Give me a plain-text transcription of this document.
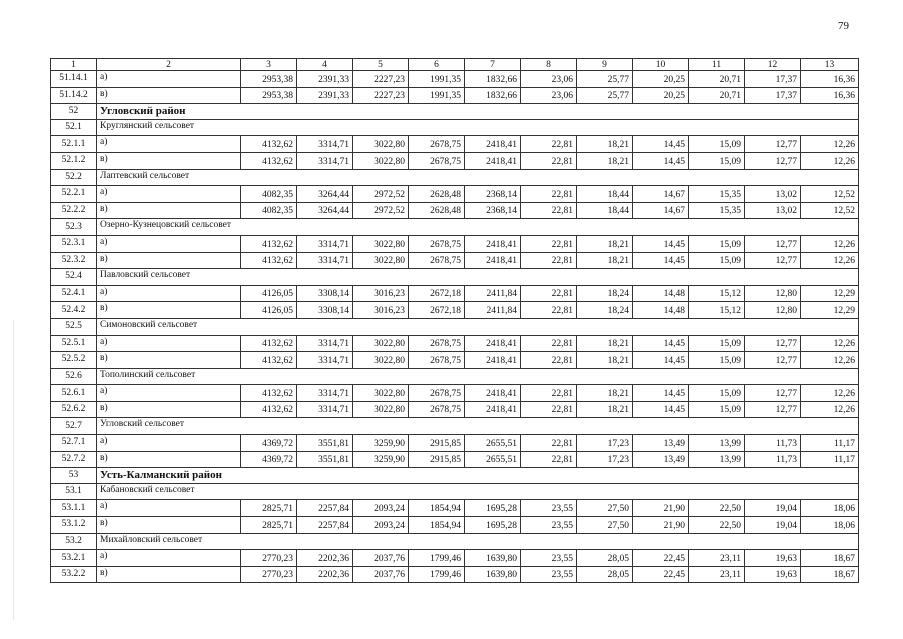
79
1	2	3	4	5	6	7	8	9	10	11	12	13
51.14.1	а)	2953,38	2391,33	2227,23	1991,35	1832,66	23,06	25,77	20,25	20,71	17,37	16,36
51.14.2	в)	2953,38	2391,33	2227,23	1991,35	1832,66	23,06	25,77	20,25	20,71	17,37	16,36
52	Угловский район											
52.1	Круглянский сельсовет											
52.1.1	а)	4132,62	3314,71	3022,80	2678,75	2418,41	22,81	18,21	14,45	15,09	12,77	12,26
52.1.2	в)	4132,62	3314,71	3022,80	2678,75	2418,41	22,81	18,21	14,45	15,09	12,77	12,26
52.2	Лаптевский сельсовет											
52.2.1	а)	4082,35	3264,44	2972,52	2628,48	2368,14	22,81	18,44	14,67	15,35	13,02	12,52
52.2.2	в)	4082,35	3264,44	2972,52	2628,48	2368,14	22,81	18,44	14,67	15,35	13,02	12,52
52.3	Озерно-Кузнецовский сельсовет											
52.3.1	а)	4132,62	3314,71	3022,80	2678,75	2418,41	22,81	18,21	14,45	15,09	12,77	12,26
52.3.2	в)	4132,62	3314,71	3022,80	2678,75	2418,41	22,81	18,21	14,45	15,09	12,77	12,26
52.4	Павловский сельсовет											
52.4.1	а)	4126,05	3308,14	3016,23	2672,18	2411,84	22,81	18,24	14,48	15,12	12,80	12,29
52.4.2	в)	4126,05	3308,14	3016,23	2672,18	2411,84	22,81	18,24	14,48	15,12	12,80	12,29
52.5	Симоновский сельсовет											
52.5.1	а)	4132,62	3314,71	3022,80	2678,75	2418,41	22,81	18,21	14,45	15,09	12,77	12,26
52.5.2	в)	4132,62	3314,71	3022,80	2678,75	2418,41	22,81	18,21	14,45	15,09	12,77	12,26
52.6	Тополинский сельсовет											
52.6.1	а)	4132,62	3314,71	3022,80	2678,75	2418,41	22,81	18,21	14,45	15,09	12,77	12,26
52.6.2	в)	4132,62	3314,71	3022,80	2678,75	2418,41	22,81	18,21	14,45	15,09	12,77	12,26
52.7	Угловский сельсовет											
52.7.1	а)	4369,72	3551,81	3259,90	2915,85	2655,51	22,81	17,23	13,49	13,99	11,73	11,17
52.7.2	в)	4369,72	3551,81	3259,90	2915,85	2655,51	22,81	17,23	13,49	13,99	11,73	11,17
53	Усть-Калманский район											
53.1	Кабановский сельсовет											
53.1.1	а)	2825,71	2257,84	2093,24	1854,94	1695,28	23,55	27,50	21,90	22,50	19,04	18,06
53.1.2	в)	2825,71	2257,84	2093,24	1854,94	1695,28	23,55	27,50	21,90	22,50	19,04	18,06
53.2	Михайловский сельсовет											
53.2.1	а)	2770,23	2202,36	2037,76	1799,46	1639,80	23,55	28,05	22,45	23,11	19,63	18,67
53.2.2	в)	2770,23	2202,36	2037,76	1799,46	1639,80	23,55	28,05	22,45	23,11	19,63	18,67
